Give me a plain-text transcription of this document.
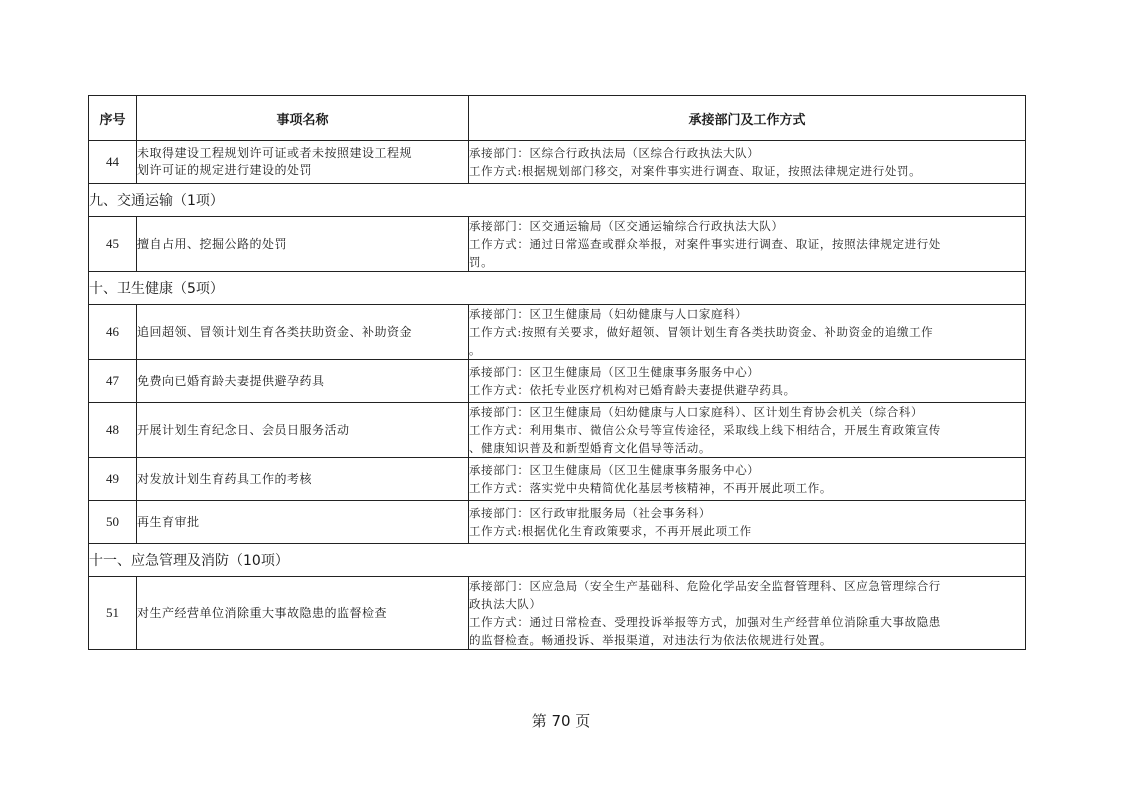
序号	事项名称	承接部门及工作方式
44	未取得建设工程规划许可证或者未按照建设工程规
划许可证的规定进行建设的处罚	承接部门：区综合行政执法局（区综合行政执法大队）
工作方式:根据规划部门移交，对案件事实进行调查、取证，按照法律规定进行处罚。

九、交通运输（1项）		
45	擅自占用、挖掘公路的处罚	承接部门：区交通运输局（区交通运输综合行政执法大队）
工作方式：通过日常巡查或群众举报，对案件事实进行调查、取证，按照法律规定进行处
罚。

十、卫生健康（5项）		
46	追回超领、冒领计划生育各类扶助资金、补助资金	承接部门：区卫生健康局（妇幼健康与人口家庭科）
工作方式:按照有关要求，做好超领、冒领计划生育各类扶助资金、补助资金的追缴工作
。

47	免费向已婚育龄夫妻提供避孕药具	承接部门：区卫生健康局（区卫生健康事务服务中心）
工作方式：依托专业医疗机构对已婚育龄夫妻提供避孕药具。

48	开展计划生育纪念日、会员日服务活动	承接部门：区卫生健康局（妇幼健康与人口家庭科）、区计划生育协会机关（综合科）
工作方式：利用集市、微信公众号等宣传途径，采取线上线下相结合，开展生育政策宣传
、健康知识普及和新型婚育文化倡导等活动。

49	对发放计划生育药具工作的考核	承接部门：区卫生健康局（区卫生健康事务服务中心）
工作方式：落实党中央精简优化基层考核精神，不再开展此项工作。

50	再生育审批	承接部门：区行政审批服务局（社会事务科）
工作方式:根据优化生育政策要求，不再开展此项工作

十一、应急管理及消防（10项）		
51	对生产经营单位消除重大事故隐患的监督检查	承接部门：区应急局（安全生产基础科、危险化学品安全监督管理科、区应急管理综合行
政执法大队）
工作方式：通过日常检查、受理投诉举报等方式，加强对生产经营单位消除重大事故隐患
的监督检查。畅通投诉、举报渠道，对违法行为依法依规进行处置。
第 70 页
